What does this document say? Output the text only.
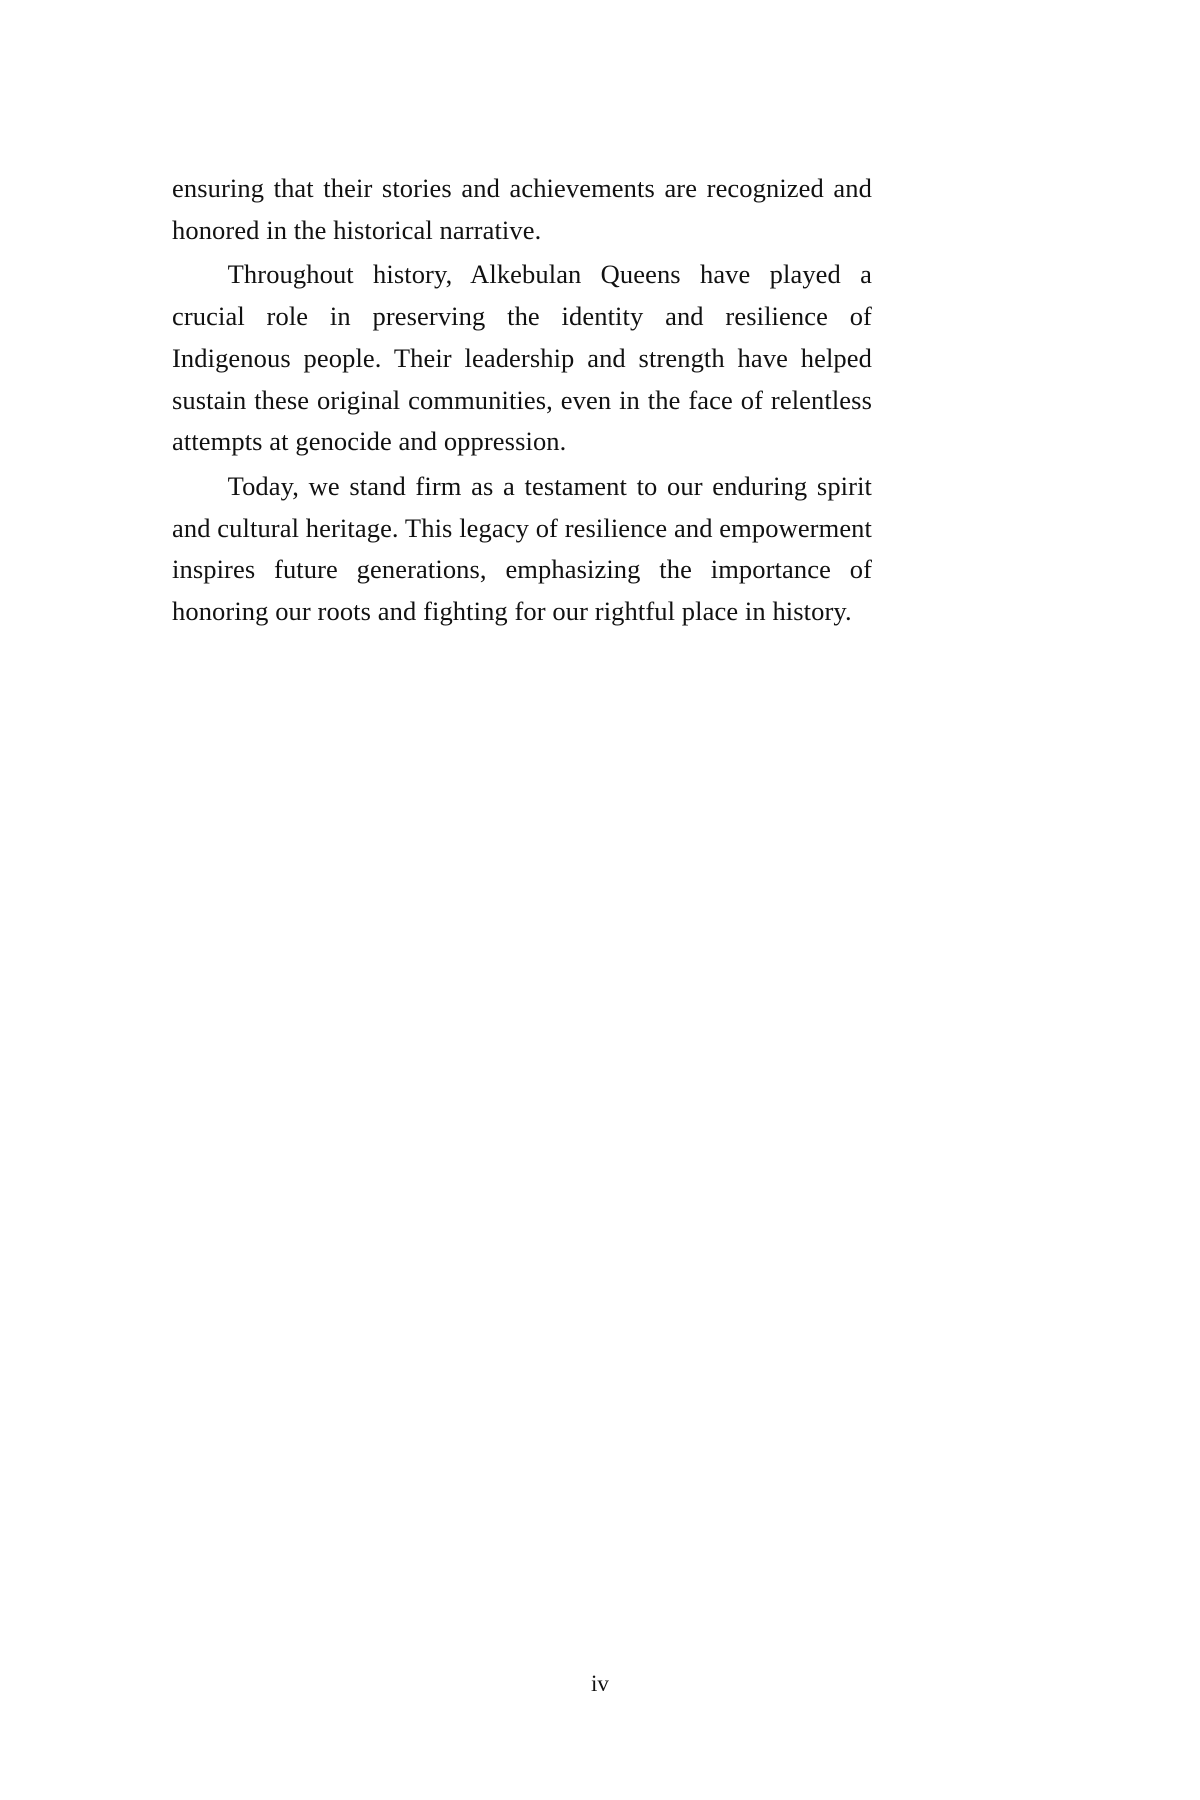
ensuring that their stories and achievements are recognized and honored in the historical narrative.

Throughout history, Alkebulan Queens have played a crucial role in preserving the identity and resilience of Indigenous people. Their leadership and strength have helped sustain these original communities, even in the face of relentless attempts at genocide and oppression.

Today, we stand firm as a testament to our enduring spirit and cultural heritage. This legacy of resilience and empowerment inspires future generations, emphasizing the importance of honoring our roots and fighting for our rightful place in history.

iv
